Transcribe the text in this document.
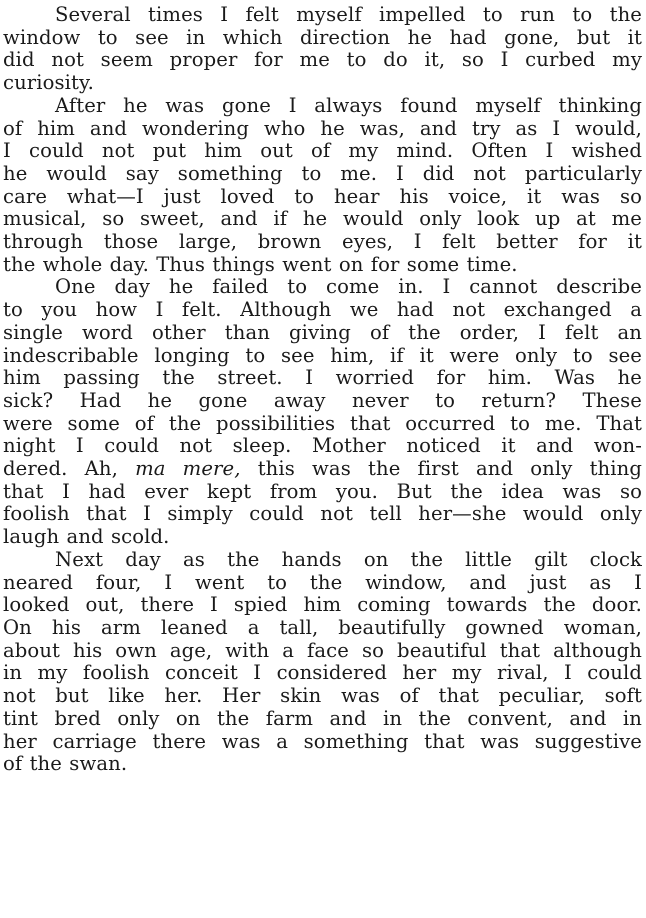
Several times I felt myself impelled to run to the
window to see in which direction he had gone, but it
did not seem proper for me to do it, so I curbed my
curiosity.

After he was gone I always found myself thinking
of him and wondering who he was, and try as I would,
I could not put him out of my mind. Often I wished
he would say something to me. I did not particularly
care what—I just loved to hear his voice, it was so
musical, so sweet, and if he would only look up at me
through those large, brown eyes, I felt better for it
the whole day. Thus things went on for some time.

One day he failed to come in. I cannot describe
to you how I felt. Although we had not exchanged a
single word other than giving of the order, I felt an
indescribable longing to see him, if it were only to see
him passing the street. I worried for him. Was he
sick? Had he gone away never to return? These
were some of the possibilities that occurred to me. That
night I could not sleep. Mother noticed it and won-
dered. Ah, ma mere, this was the first and only thing
that I had ever kept from you. But the idea was so
foolish that I simply could not tell her—she would only
laugh and scold.

Next day as the hands on the little gilt clock
neared four, I went to the window, and just as I
looked out, there I spied him coming towards the door.
On his arm leaned a tall, beautifully gowned woman,
about his own age, with a face so beautiful that although
in my foolish conceit I considered her my rival, I could
not but like her. Her skin was of that peculiar, soft
tint bred only on the farm and in the convent, and in
her carriage there was a something that was suggestive
of the swan.
